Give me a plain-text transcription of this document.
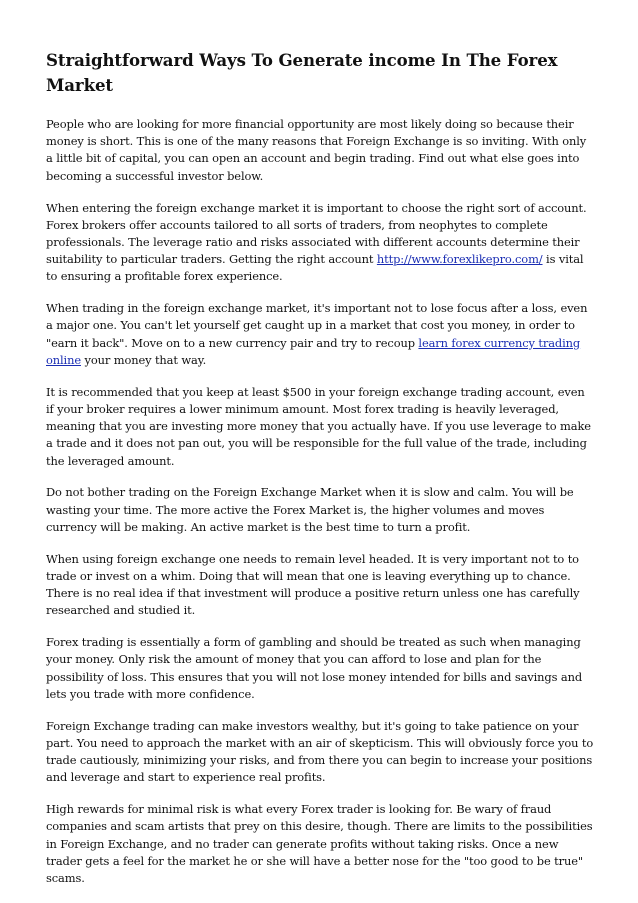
Straightforward Ways To Generate income In The Forex Market

People who are looking for more financial opportunity are most likely doing so because their money is short. This is one of the many reasons that Foreign Exchange is so inviting. With only a little bit of capital, you can open an account and begin trading. Find out what else goes into becoming a successful investor below.

When entering the foreign exchange market it is important to choose the right sort of account. Forex brokers offer accounts tailored to all sorts of traders, from neophytes to complete professionals. The leverage ratio and risks associated with different accounts determine their suitability to particular traders. Getting the right account http://www.forexlikepro.com/ is vital to ensuring a profitable forex experience.

When trading in the foreign exchange market, it's important not to lose focus after a loss, even a major one. You can't let yourself get caught up in a market that cost you money, in order to "earn it back". Move on to a new currency pair and try to recoup learn forex currency trading online your money that way.

It is recommended that you keep at least $500 in your foreign exchange trading account, even if your broker requires a lower minimum amount. Most forex trading is heavily leveraged, meaning that you are investing more money that you actually have. If you use leverage to make a trade and it does not pan out, you will be responsible for the full value of the trade, including the leveraged amount.

Do not bother trading on the Foreign Exchange Market when it is slow and calm. You will be wasting your time. The more active the Forex Market is, the higher volumes and moves currency will be making. An active market is the best time to turn a profit.

When using foreign exchange one needs to remain level headed. It is very important not to to trade or invest on a whim. Doing that will mean that one is leaving everything up to chance. There is no real idea if that investment will produce a positive return unless one has carefully researched and studied it.

Forex trading is essentially a form of gambling and should be treated as such when managing your money. Only risk the amount of money that you can afford to lose and plan for the possibility of loss. This ensures that you will not lose money intended for bills and savings and lets you trade with more confidence.

Foreign Exchange trading can make investors wealthy, but it's going to take patience on your part. You need to approach the market with an air of skepticism. This will obviously force you to trade cautiously, minimizing your risks, and from there you can begin to increase your positions and leverage and start to experience real profits.

High rewards for minimal risk is what every Forex trader is looking for. Be wary of fraud companies and scam artists that prey on this desire, though. There are limits to the possibilities in Foreign Exchange, and no trader can generate profits without taking risks. Once a new trader gets a feel for the market he or she will have a better nose for the "too good to be true" scams.
